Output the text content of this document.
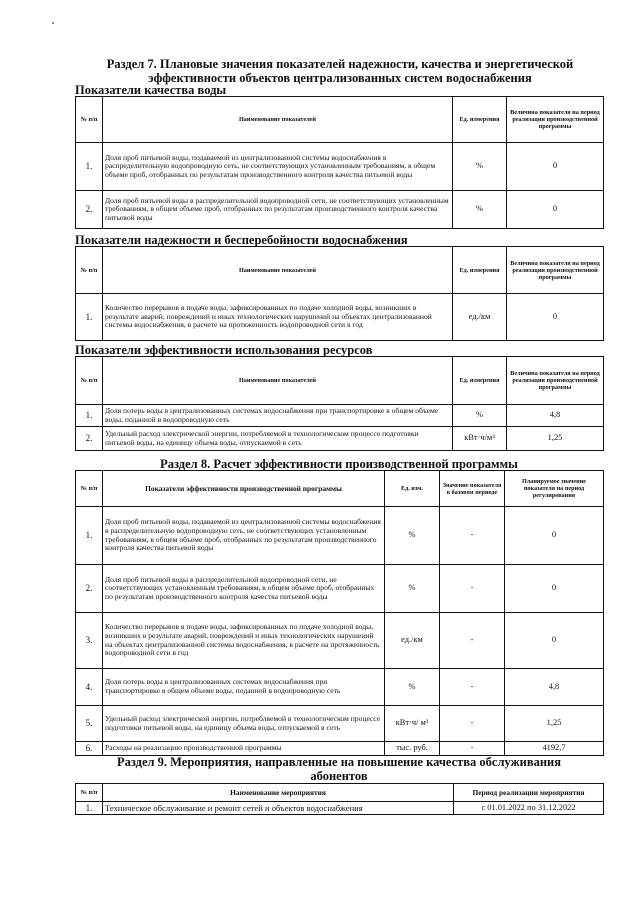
Раздел 7. Плановые значения показателей надежности, качества и энергетической
эффективности объектов централизованных систем водоснабжения
Показатели качества воды
№ п/п	Наименование показателей	Ед. измерения	Величина показателя на период реализации производственной программы
1.	Доля проб питьевой воды, подаваемой из централизованной системы водоснабжения в распределительную водопроводную сеть, не соответствующих установленным требованиям, в общем объеме проб, отобранных по результатам производственного контроля качества питьевой воды	%	0
2.	Доля проб питьевой воды в распределительной водопроводной сети, не соответствующих установленным требованиям, в общем объеме проб, отобранных по результатам производственного контроля качества питьевой воды	%	0
Показатели надежности и бесперебойности водоснабжения
№ п/п	Наименование показателей	Ед. измерения	Величина показателя на период реализации производственной программы
1.	Количество перерывов в подаче воды, зафиксированных по подаче холодной воды, возникших в результате аварий, повреждений и иных технологических нарушений на объектах централизованной системы водоснабжения, в расчете на протяженность водопроводной сети в год	ед./км	0
Показатели эффективности использования ресурсов
№ п/п	Наименование показателей	Ед. измерения	Величина показателя на период реализации производственной программы
1.	Доля потерь воды в централизованных системах водоснабжения при транспортировке в общем объеме воды, поданной в водопроводную сеть	%	4,8
2.	Удельный расход электрической энергии, потребляемой в технологическом процессе подготовки питьевой воды, на единицу объема воды, отпускаемой в сеть	кВт·ч/м³	1,25
Раздел 8. Расчет эффективности производственной программы
№ п/п	Показатели эффективности производственной программы	Ед. изм.	Значение показателя в базовом периоде	Планируемое значение показателя на период регулирования
1.	Доля проб питьевой воды, подаваемой из централизованной системы водоснабжения в распределительную водопроводную сеть, не соответствующих установленным требованиям, в общем объеме проб, отобранных по результатам производственного контроля качества питьевой воды	%	-	0
2.	Доля проб питьевой воды в распределительной водопроводной сети, не соответствующих установленным требованиям, в общем объеме проб, отобранных по результатам производственного контроля качества питьевой воды	%	-	0
3.	Количество перерывов в подаче воды, зафиксированных по подаче холодной воды, возникших в результате аварий, повреждений и иных технологических нарушений на объектах централизованной системы водоснабжения, в расчете на протяженность водопроводной сети в год	ед./км	-	0
4.	Доля потерь воды в централизованных системах водоснабжения при транспортировке в общем объеме воды, поданной в водопроводную сеть	%	-	4,8
5.	Удельный расход электрической энергии, потребляемой в технологическом процессе подготовки питьевой воды, на единицу объема воды, отпускаемой в сеть	кВт·ч/ м³	-	1,25
6.	Расходы на реализацию производственной программы	тыс. руб.	-	4192,7
Раздел 9. Мероприятия, направленные на повышение качества обслуживания
абонентов
№ п/п	Наименование мероприятия	Период реализации мероприятия
1.	Техническое обслуживание и ремонт сетей и объектов водоснабжения	с 01.01.2022 по 31.12.2022
